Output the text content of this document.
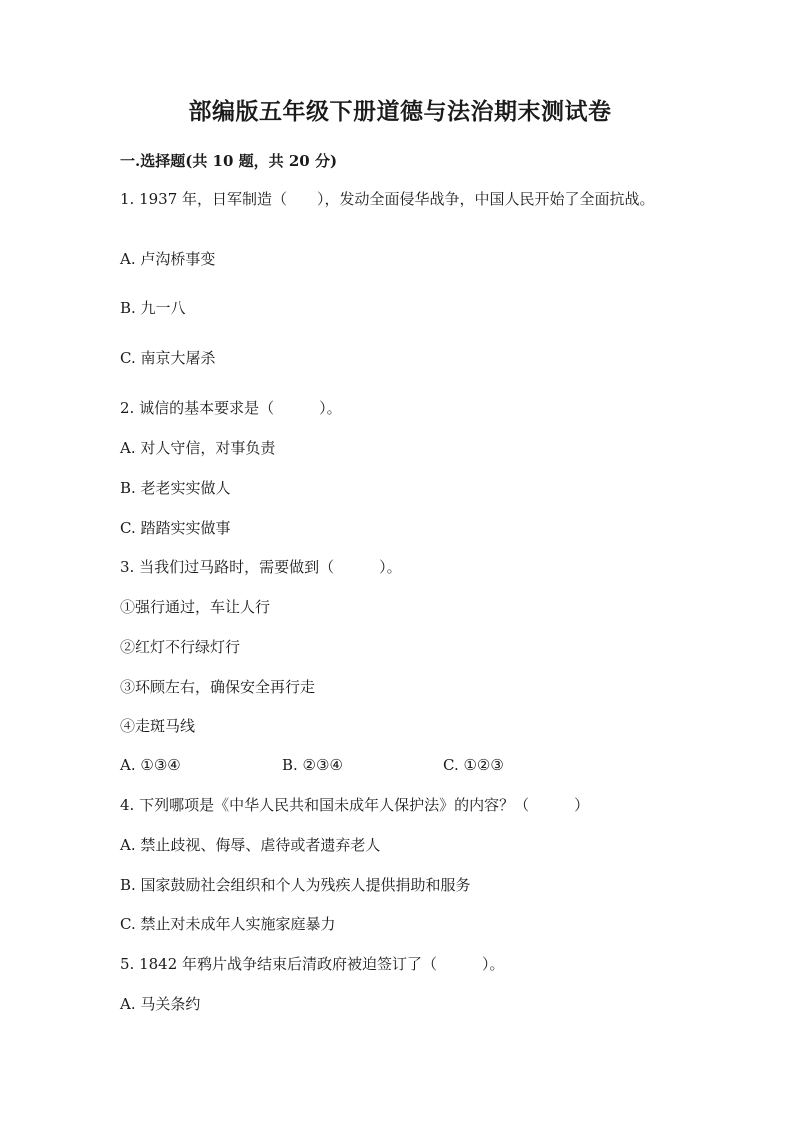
部编版五年级下册道德与法治期末测试卷
一.选择题(共 10 题，共 20 分)
1. 1937 年，日军制造（　　），发动全面侵华战争，中国人民开始了全面抗战。
A. 卢沟桥事变
B. 九一八
C. 南京大屠杀
2. 诚信的基本要求是（　　　）。
A. 对人守信，对事负责
B. 老老实实做人
C. 踏踏实实做事
3. 当我们过马路时，需要做到（　　　）。
①强行通过，车让人行
②红灯不行绿灯行
③环顾左右，确保安全再行走
④走斑马线
A. ①③④	B. ②③④	C. ①②③
4. 下列哪项是《中华人民共和国未成年人保护法》的内容？（　　　）
A. 禁止歧视、侮辱、虐待或者遗弃老人
B. 国家鼓励社会组织和个人为残疾人提供捐助和服务
C. 禁止对未成年人实施家庭暴力
5. 1842 年鸦片战争结束后清政府被迫签订了（　　　）。
A. 马关条约
